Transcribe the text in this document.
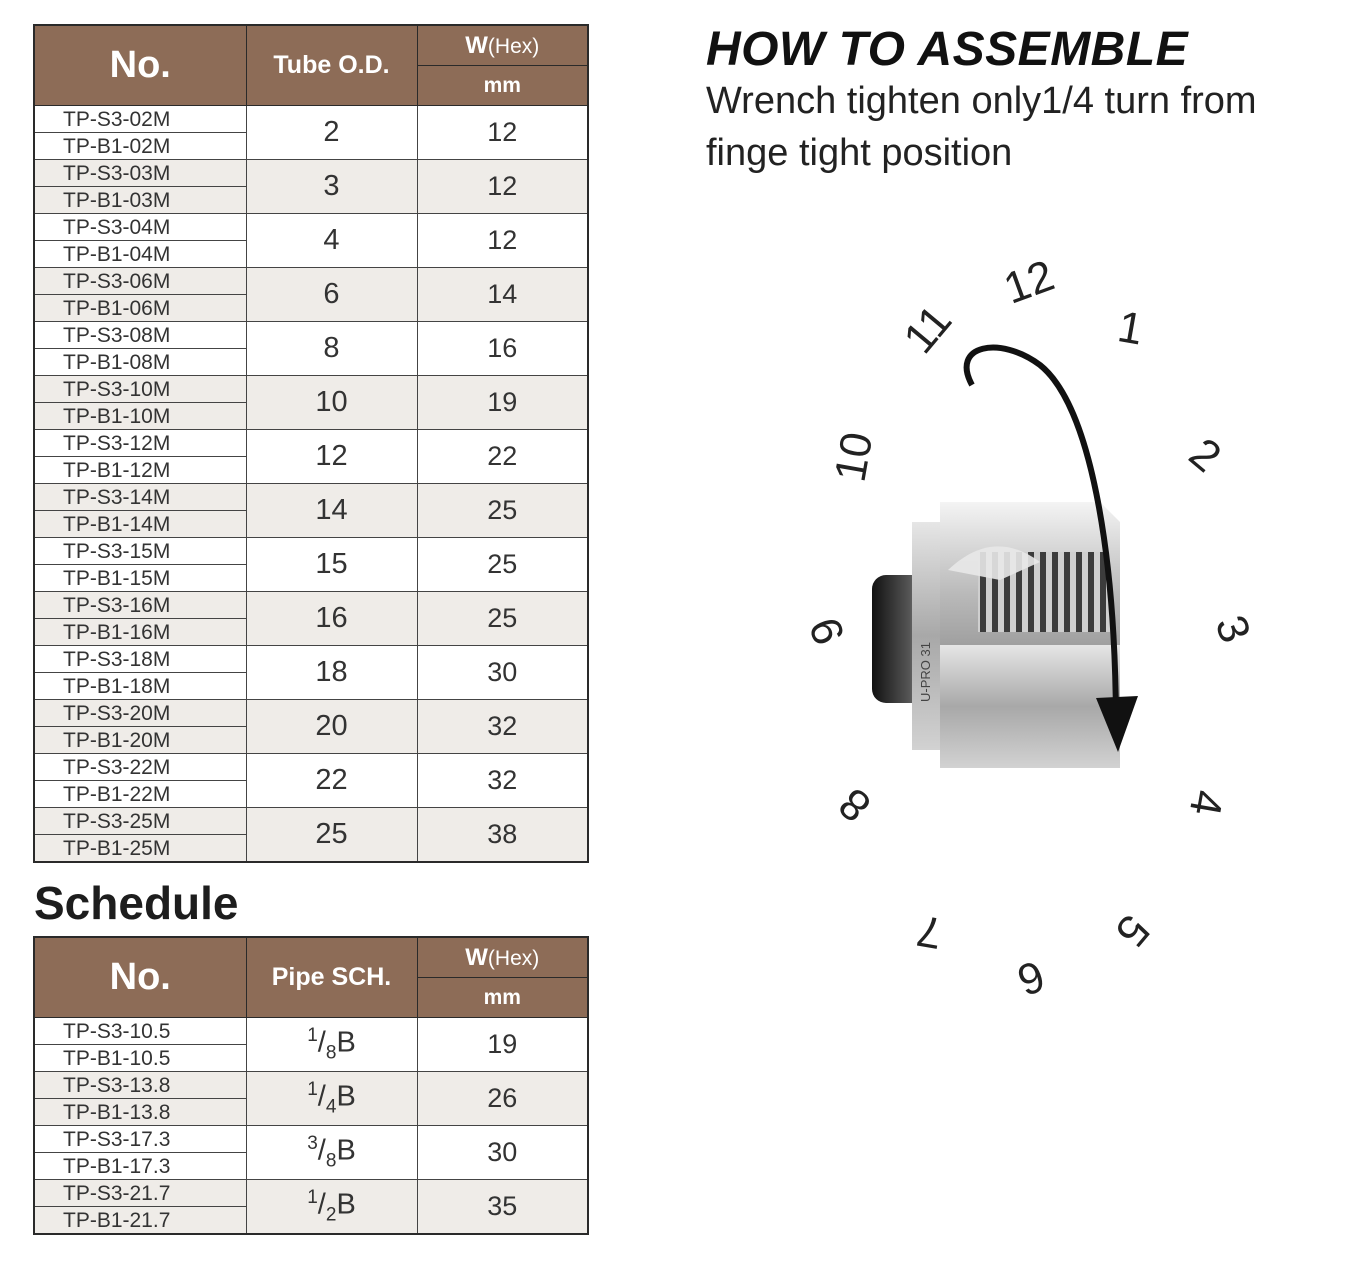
No.	Tube O.D.	W(Hex)
		mm
TP-S3-02M	2	12
TP-B1-02M		
TP-S3-03M	3	12
TP-B1-03M		
TP-S3-04M	4	12
TP-B1-04M		
TP-S3-06M	6	14
TP-B1-06M		
TP-S3-08M	8	16
TP-B1-08M		
TP-S3-10M	10	19
TP-B1-10M		
TP-S3-12M	12	22
TP-B1-12M		
TP-S3-14M	14	25
TP-B1-14M		
TP-S3-15M	15	25
TP-B1-15M		
TP-S3-16M	16	25
TP-B1-16M		
TP-S3-18M	18	30
TP-B1-18M		
TP-S3-20M	20	32
TP-B1-20M		
TP-S3-22M	22	32
TP-B1-22M		
TP-S3-25M	25	38
TP-B1-25M		
Schedule
No.	Pipe SCH.	W(Hex)
		mm
TP-S3-10.5	$^1/_8B$	19
TP-B1-10.5		
TP-S3-13.8	$^1/_4B$	26
TP-B1-13.8		
TP-S3-17.3	$^3/_8B$	30
TP-B1-17.3		
TP-S3-21.7	$^1/_2B$	35
TP-B1-21.7		
HOW TO ASSEMBLE

Wrench tighten only1/4 turn from

finge tight position

U-PRO 31
12
1
2
3
4
5
6
7
8
9
10
11
